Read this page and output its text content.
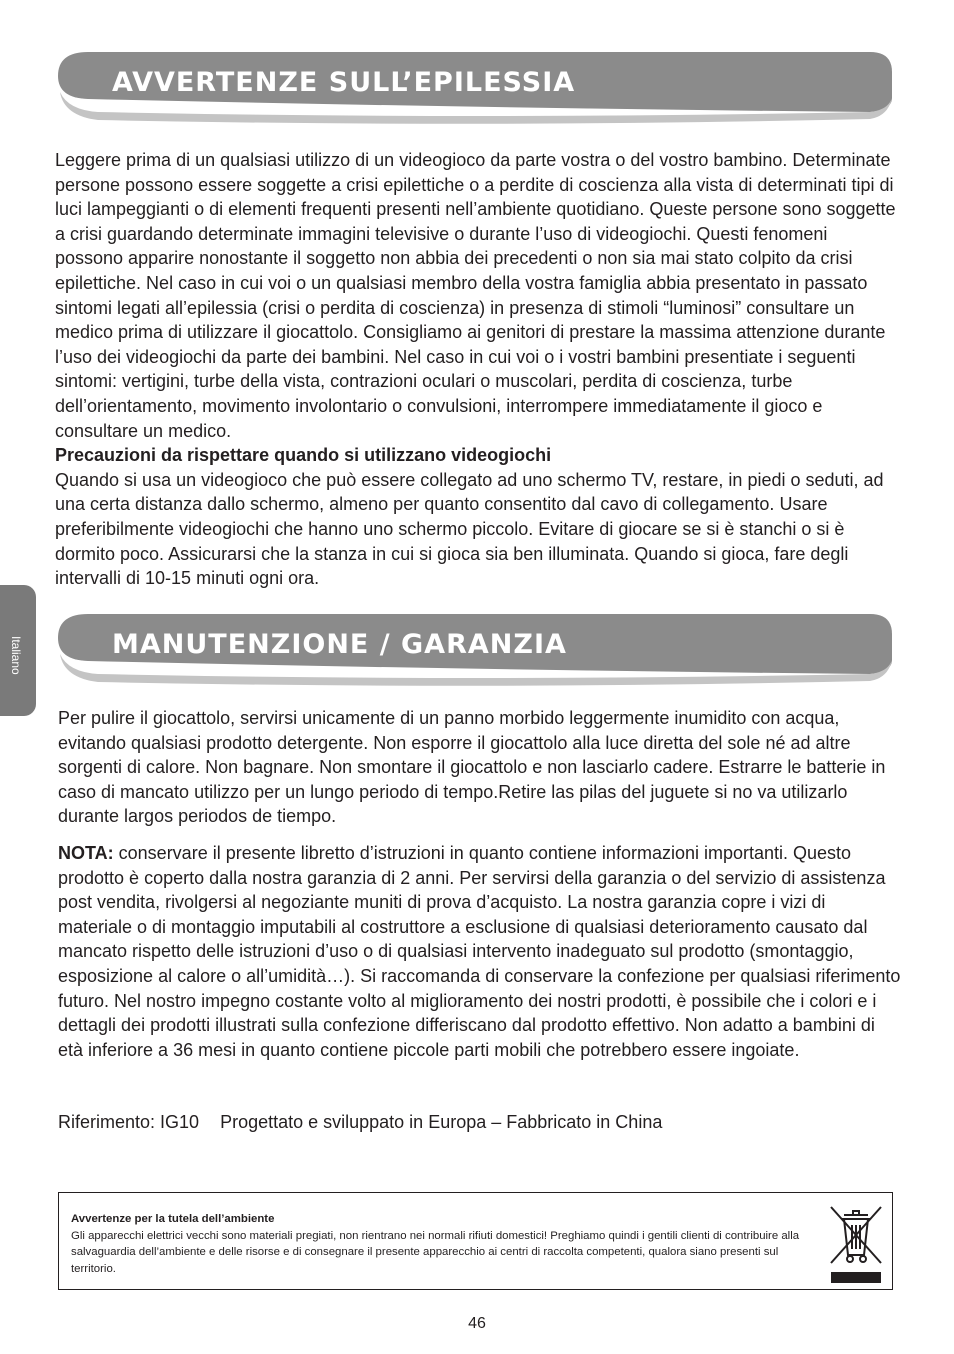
Italiano
AVVERTENZE SULL’EPILESSIA

Leggere prima di un qualsiasi utilizzo di un videogioco da parte vostra o del vostro bambino. Determinate persone possono essere soggette a crisi epilettiche o a perdite di coscienza alla vista di determinati tipi di luci lampeggianti o di elementi frequenti presenti nell’ambiente quotidiano. Queste persone sono soggette a crisi guardando determinate immagini televisive o durante l’uso di videogiochi. Questi fenomeni possono apparire nonostante il soggetto non abbia dei precedenti o non sia mai stato colpito da crisi epilettiche. Nel caso in cui voi o un qualsiasi membro della vostra famiglia abbia presentato in passato sintomi legati all’epilessia (crisi o perdita di coscienza) in presenza di stimoli “luminosi” consultare un medico prima di utilizzare il giocattolo. Consigliamo ai genitori di prestare la massima attenzione durante l’uso dei videogiochi da parte dei bambini. Nel caso in cui voi o i vostri bambini presentiate i seguenti sintomi: vertigini, turbe della vista, contrazioni oculari o muscolari, perdita di coscienza, turbe dell’orientamento, movimento involontario o convulsioni, interrompere immediatamente il gioco e consultare un medico.

Precauzioni da rispettare quando si utilizzano videogiochi

Quando si usa un videogioco che può essere collegato ad uno schermo TV, restare, in piedi o seduti, ad una certa distanza dallo schermo, almeno per quanto consentito dal cavo di collegamento. Usare preferibilmente videogiochi che hanno uno schermo piccolo. Evitare di giocare se si è stanchi o si è dormito poco. Assicurarsi che la stanza in cui si gioca sia ben illuminata. Quando si gioca, fare degli intervalli di 10-15 minuti ogni ora.

MANUTENZIONE / GARANZIA

Per pulire il giocattolo, servirsi unicamente di un panno morbido leggermente inumidito con acqua, evitando qualsiasi prodotto detergente. Non esporre il giocattolo alla luce diretta del sole né ad altre sorgenti di calore. Non bagnare. Non smontare il giocattolo e non lasciarlo cadere. Estrarre le batterie in caso di mancato utilizzo per un lungo periodo di tempo.Retire las pilas del juguete si no va utilizarlo durante largos periodos de tiempo.

NOTA: conservare il presente libretto d’istruzioni in quanto contiene informazioni importanti. Questo prodotto è coperto dalla nostra garanzia di 2 anni. Per servirsi della garanzia o del servizio di assistenza post vendita, rivolgersi al negoziante muniti di prova d’acquisto. La nostra garanzia copre i vizi di materiale o di montaggio imputabili al costruttore a esclusione di qualsiasi deterioramento causato dal mancato rispetto delle istruzioni d’uso o di qualsiasi intervento inadeguato sul prodotto (smontaggio, esposizione al calore o all’umidità…). Si raccomanda di conservare la confezione per qualsiasi riferimento futuro. Nel nostro impegno costante volto al miglioramento dei nostri prodotti, è possibile che i colori e i dettagli dei prodotti illustrati sulla confezione differiscano dal prodotto effettivo. Non adatto a bambini di età inferiore a 36 mesi in quanto contiene piccole parti mobili che potrebbero essere ingoiate.

Riferimento: IG10 Progettato e sviluppato in Europa – Fabbricato in China
Avvertenze per la tutela dell’ambiente
Gli apparecchi elettrici vecchi sono materiali pregiati, non rientrano nei normali rifiuti domestici! Preghiamo quindi i gentili clienti di contribuire alla salvaguardia dell’ambiente e delle risorse e di consegnare il presente apparecchio ai centri di raccolta competenti, qualora siano presenti sul territorio.
46
